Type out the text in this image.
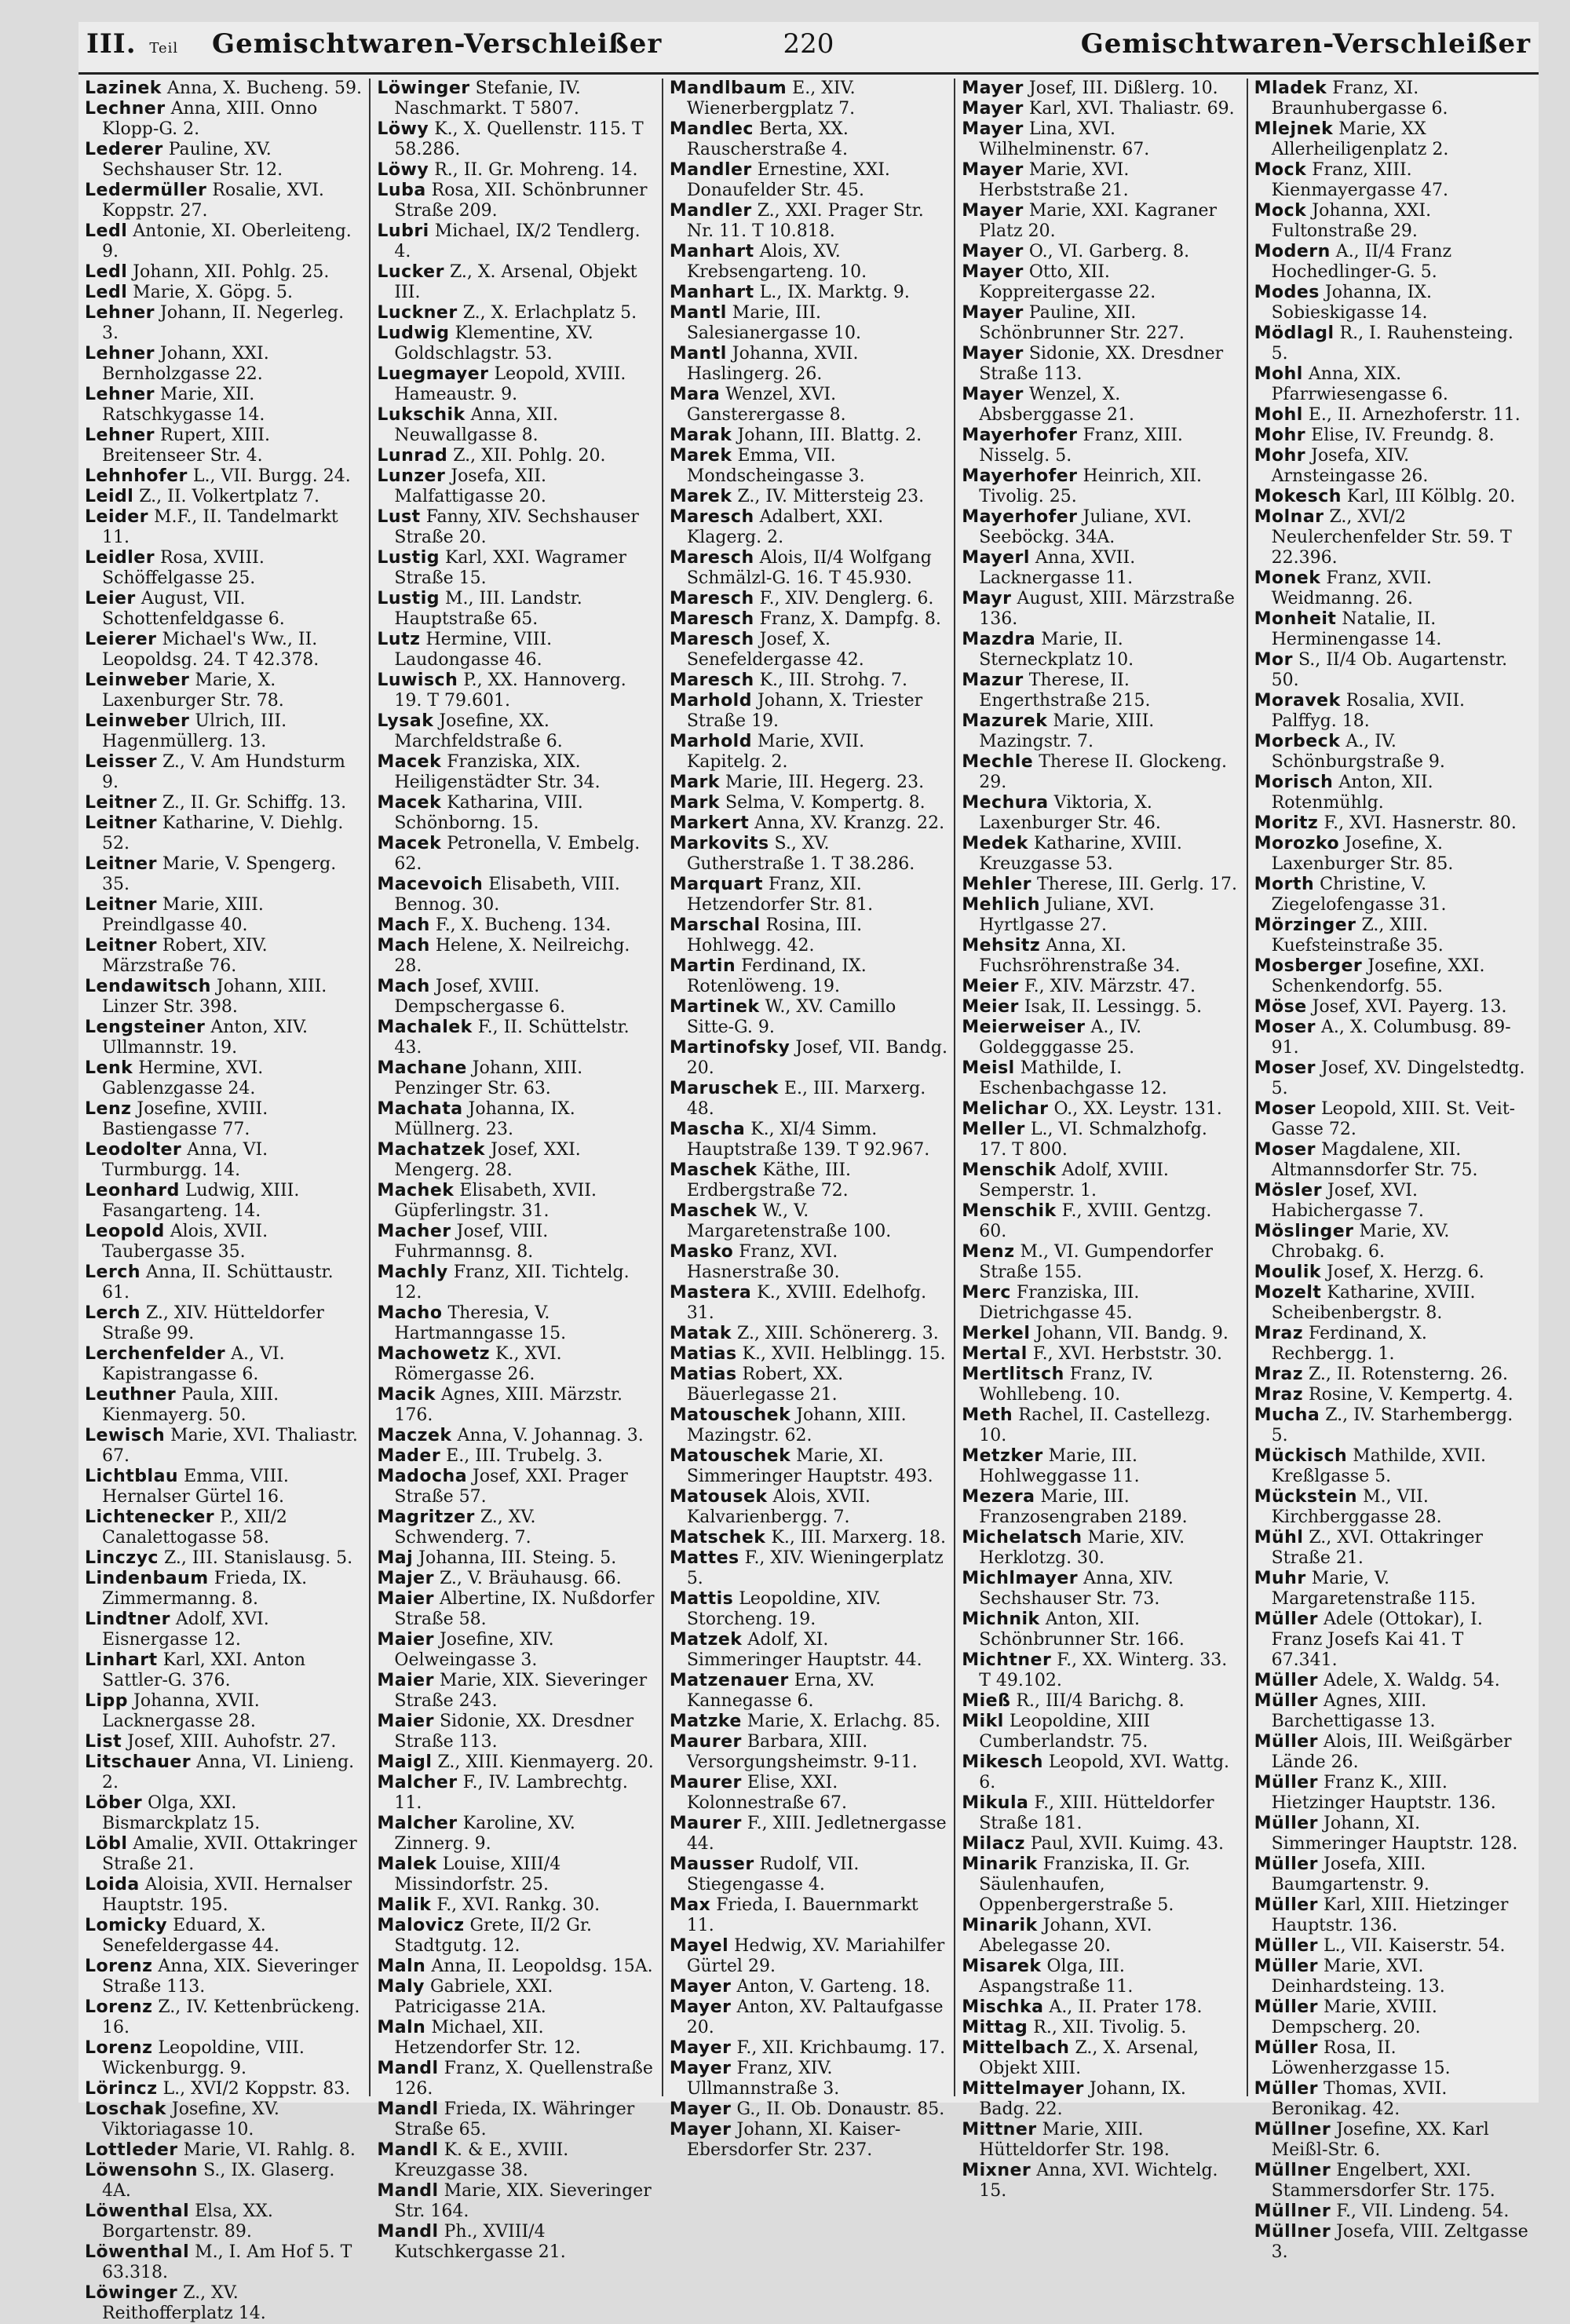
III. Teil Gemischtwaren-Verschleißer	220	Gemischtwaren-Verschleißer
Lazinek Anna, X. Bucheng. 59.
Lechner Anna, XIII. Onno Klopp-G. 2.
Lederer Pauline, XV. Sechshauser Str. 12.
Ledermüller Rosalie, XVI. Koppstr. 27.
Ledl Antonie, XI. Oberleiteng. 9.
Ledl Johann, XII. Pohlg. 25.
Ledl Marie, X. Göpg. 5.
Lehner Johann, II. Negerleg. 3.
Lehner Johann, XXI. Bernholzgasse 22.
Lehner Marie, XII. Ratschkygasse 14.
Lehner Rupert, XIII. Breitenseer Str. 4.
Lehnhofer L., VII. Burgg. 24.
Leidl Z., II. Volkertplatz 7.
Leider M.F., II. Tandelmarkt 11.
Leidler Rosa, XVIII. Schöffelgasse 25.
Leier August, VII. Schottenfeldgasse 6.
Leierer Michael's Ww., II. Leopoldsg. 24. T 42.378.
Leinweber Marie, X. Laxenburger Str. 78.
Leinweber Ulrich, III. Hagenmüllerg. 13.
Leisser Z., V. Am Hundsturm 9.
Leitner Z., II. Gr. Schiffg. 13.
Leitner Katharine, V. Diehlg. 52.
Leitner Marie, V. Spengerg. 35.
Leitner Marie, XIII. Preindlgasse 40.
Leitner Robert, XIV. Märzstraße 76.
Lendawitsch Johann, XIII. Linzer Str. 398.
Lengsteiner Anton, XIV. Ullmannstr. 19.
Lenk Hermine, XVI. Gablenzgasse 24.
Lenz Josefine, XVIII. Bastiengasse 77.
Leodolter Anna, VI. Turmburgg. 14.
Leonhard Ludwig, XIII. Fasangarteng. 14.
Leopold Alois, XVII. Taubergasse 35.
Lerch Anna, II. Schüttaustr. 61.
Lerch Z., XIV. Hütteldorfer Straße 99.
Lerchenfelder A., VI. Kapistrangasse 6.
Leuthner Paula, XIII. Kienmayerg. 50.
Lewisch Marie, XVI. Thaliastr. 67.
Lichtblau Emma, VIII. Hernalser Gürtel 16.
Lichtenecker P., XII/2 Canalettogasse 58.
Linczyc Z., III. Stanislausg. 5.
Lindenbaum Frieda, IX. Zimmermanng. 8.
Lindtner Adolf, XVI. Eisnergasse 12.
Linhart Karl, XXI. Anton Sattler-G. 376.
Lipp Johanna, XVII. Lacknergasse 28.
List Josef, XIII. Auhofstr. 27.
Litschauer Anna, VI. Linieng. 2.
Löber Olga, XXI. Bismarckplatz 15.
Löbl Amalie, XVII. Ottakringer Straße 21.
Loida Aloisia, XVII. Hernalser Hauptstr. 195.
Lomicky Eduard, X. Senefeldergasse 44.
Lorenz Anna, XIX. Sieveringer Straße 113.
Lorenz Z., IV. Kettenbrückeng. 16.
Lorenz Leopoldine, VIII. Wickenburgg. 9.
Lörincz L., XVI/2 Koppstr. 83.
Loschak Josefine, XV. Viktoriagasse 10.
Lottleder Marie, VI. Rahlg. 8.
Löwensohn S., IX. Glaserg. 4A.
Löwenthal Elsa, XX. Borgartenstr. 89.
Löwenthal M., I. Am Hof 5. T 63.318.
Löwinger Z., XV. Reithofferplatz 14.
Löwinger Stefanie, IV. Naschmarkt. T 5807.
Löwy K., X. Quellenstr. 115. T 58.286.
Löwy R., II. Gr. Mohreng. 14.
Luba Rosa, XII. Schönbrunner Straße 209.
Lubri Michael, IX/2 Tendlerg. 4.
Lucker Z., X. Arsenal, Objekt III.
Luckner Z., X. Erlachplatz 5.
Ludwig Klementine, XV. Goldschlagstr. 53.
Luegmayer Leopold, XVIII. Hameaustr. 9.
Lukschik Anna, XII. Neuwallgasse 8.
Lunrad Z., XII. Pohlg. 20.
Lunzer Josefa, XII. Malfattigasse 20.
Lust Fanny, XIV. Sechshauser Straße 20.
Lustig Karl, XXI. Wagramer Straße 15.
Lustig M., III. Landstr. Hauptstraße 65.
Lutz Hermine, VIII. Laudongasse 46.
Luwisch P., XX. Hannoverg. 19. T 79.601.
Lysak Josefine, XX. Marchfeldstraße 6.
Macek Franziska, XIX. Heiligenstädter Str. 34.
Macek Katharina, VIII. Schönborng. 15.
Macek Petronella, V. Embelg. 62.
Macevoich Elisabeth, VIII. Bennog. 30.
Mach F., X. Bucheng. 134.
Mach Helene, X. Neilreichg. 28.
Mach Josef, XVIII. Dempschergasse 6.
Machalek F., II. Schüttelstr. 43.
Machane Johann, XIII. Penzinger Str. 63.
Machata Johanna, IX. Müllnerg. 23.
Machatzek Josef, XXI. Mengerg. 28.
Machek Elisabeth, XVII. Güpferlingstr. 31.
Macher Josef, VIII. Fuhrmannsg. 8.
Machly Franz, XII. Tichtelg. 12.
Macho Theresia, V. Hartmanngasse 15.
Machowetz K., XVI. Römergasse 26.
Macik Agnes, XIII. Märzstr. 176.
Maczek Anna, V. Johannag. 3.
Mader E., III. Trubelg. 3.
Madocha Josef, XXI. Prager Straße 57.
Magritzer Z., XV. Schwenderg. 7.
Maj Johanna, III. Steing. 5.
Majer Z., V. Bräuhausg. 66.
Maier Albertine, IX. Nußdorfer Straße 58.
Maier Josefine, XIV. Oelweingasse 3.
Maier Marie, XIX. Sieveringer Straße 243.
Maier Sidonie, XX. Dresdner Straße 113.
Maigl Z., XIII. Kienmayerg. 20.
Malcher F., IV. Lambrechtg. 11.
Malcher Karoline, XV. Zinnerg. 9.
Malek Louise, XIII/4 Missindorfstr. 25.
Malik F., XVI. Rankg. 30.
Malovicz Grete, II/2 Gr. Stadtgutg. 12.
Maln Anna, II. Leopoldsg. 15A.
Maly Gabriele, XXI. Patricigasse 21A.
Maln Michael, XII. Hetzendorfer Str. 12.
Mandl Franz, X. Quellenstraße 126.
Mandl Frieda, IX. Währinger Straße 65.
Mandl K. & E., XVIII. Kreuzgasse 38.
Mandl Marie, XIX. Sieveringer Str. 164.
Mandl Ph., XVIII/4 Kutschkergasse 21.
Mandlbaum E., XIV. Wienerbergplatz 7.
Mandlec Berta, XX. Rauscherstraße 4.
Mandler Ernestine, XXI. Donaufelder Str. 45.
Mandler Z., XXI. Prager Str. Nr. 11. T 10.818.
Manhart Alois, XV. Krebsengarteng. 10.
Manhart L., IX. Marktg. 9.
Mantl Marie, III. Salesianergasse 10.
Mantl Johanna, XVII. Haslingerg. 26.
Mara Wenzel, XVI. Gansterergasse 8.
Marak Johann, III. Blattg. 2.
Marek Emma, VII. Mondscheingasse 3.
Marek Z., IV. Mittersteig 23.
Maresch Adalbert, XXI. Klagerg. 2.
Maresch Alois, II/4 Wolfgang Schmälzl-G. 16. T 45.930.
Maresch F., XIV. Denglerg. 6.
Maresch Franz, X. Dampfg. 8.
Maresch Josef, X. Senefeldergasse 42.
Maresch K., III. Strohg. 7.
Marhold Johann, X. Triester Straße 19.
Marhold Marie, XVII. Kapitelg. 2.
Mark Marie, III. Hegerg. 23.
Mark Selma, V. Kompertg. 8.
Markert Anna, XV. Kranzg. 22.
Markovits S., XV. Gutherstraße 1. T 38.286.
Marquart Franz, XII. Hetzendorfer Str. 81.
Marschal Rosina, III. Hohlwegg. 42.
Martin Ferdinand, IX. Rotenlöweng. 19.
Martinek W., XV. Camillo Sitte-G. 9.
Martinofsky Josef, VII. Bandg. 20.
Maruschek E., III. Marxerg. 48.
Mascha K., XI/4 Simm. Hauptstraße 139. T 92.967.
Maschek Käthe, III. Erdbergstraße 72.
Maschek W., V. Margaretenstraße 100.
Masko Franz, XVI. Hasnerstraße 30.
Mastera K., XVIII. Edelhofg. 31.
Matak Z., XIII. Schönererg. 3.
Matias K., XVII. Helblingg. 15.
Matias Robert, XX. Bäuerlegasse 21.
Matouschek Johann, XIII. Mazingstr. 62.
Matouschek Marie, XI. Simmeringer Hauptstr. 493.
Matousek Alois, XVII. Kalvarienbergg. 7.
Matschek K., III. Marxerg. 18.
Mattes F., XIV. Wieningerplatz 5.
Mattis Leopoldine, XIV. Storcheng. 19.
Matzek Adolf, XI. Simmeringer Hauptstr. 44.
Matzenauer Erna, XV. Kannegasse 6.
Matzke Marie, X. Erlachg. 85.
Maurer Barbara, XIII. Versorgungsheimstr. 9-11.
Maurer Elise, XXI. Kolonnestraße 67.
Maurer F., XIII. Jedletnergasse 44.
Mausser Rudolf, VII. Stiegengasse 4.
Max Frieda, I. Bauernmarkt 11.
Mayel Hedwig, XV. Mariahilfer Gürtel 29.
Mayer Anton, V. Garteng. 18.
Mayer Anton, XV. Paltaufgasse 20.
Mayer F., XII. Krichbaumg. 17.
Mayer Franz, XIV. Ullmannstraße 3.
Mayer G., II. Ob. Donaustr. 85.
Mayer Johann, XI. Kaiser-Ebersdorfer Str. 237.
Mayer Josef, III. Dißlerg. 10.
Mayer Karl, XVI. Thaliastr. 69.
Mayer Lina, XVI. Wilhelminenstr. 67.
Mayer Marie, XVI. Herbststraße 21.
Mayer Marie, XXI. Kagraner Platz 20.
Mayer O., VI. Garberg. 8.
Mayer Otto, XII. Koppreitergasse 22.
Mayer Pauline, XII. Schönbrunner Str. 227.
Mayer Sidonie, XX. Dresdner Straße 113.
Mayer Wenzel, X. Absberggasse 21.
Mayerhofer Franz, XIII. Nisselg. 5.
Mayerhofer Heinrich, XII. Tivolig. 25.
Mayerhofer Juliane, XVI. Seeböckg. 34A.
Mayerl Anna, XVII. Lacknergasse 11.
Mayr August, XIII. Märzstraße 136.
Mazdra Marie, II. Sterneckplatz 10.
Mazur Therese, II. Engerthstraße 215.
Mazurek Marie, XIII. Mazingstr. 7.
Mechle Therese II. Glockeng. 29.
Mechura Viktoria, X. Laxenburger Str. 46.
Medek Katharine, XVIII. Kreuzgasse 53.
Mehler Therese, III. Gerlg. 17.
Mehlich Juliane, XVI. Hyrtlgasse 27.
Mehsitz Anna, XI. Fuchsröhrenstraße 34.
Meier F., XIV. Märzstr. 47.
Meier Isak, II. Lessingg. 5.
Meierweiser A., IV. Goldegggasse 25.
Meisl Mathilde, I. Eschenbachgasse 12.
Melichar O., XX. Leystr. 131.
Meller L., VI. Schmalzhofg. 17. T 800.
Menschik Adolf, XVIII. Semperstr. 1.
Menschik F., XVIII. Gentzg. 60.
Menz M., VI. Gumpendorfer Straße 155.
Merc Franziska, III. Dietrichgasse 45.
Merkel Johann, VII. Bandg. 9.
Mertal F., XVI. Herbststr. 30.
Mertlitsch Franz, IV. Wohllebeng. 10.
Meth Rachel, II. Castellezg. 10.
Metzker Marie, III. Hohlweggasse 11.
Mezera Marie, III. Franzosengraben 2189.
Michelatsch Marie, XIV. Herklotzg. 30.
Michlmayer Anna, XIV. Sechshauser Str. 73.
Michnik Anton, XII. Schönbrunner Str. 166.
Michtner F., XX. Winterg. 33. T 49.102.
Mieß R., III/4 Barichg. 8.
Mikl Leopoldine, XIII Cumberlandstr. 75.
Mikesch Leopold, XVI. Wattg. 6.
Mikula F., XIII. Hütteldorfer Straße 181.
Milacz Paul, XVII. Kuimg. 43.
Minarik Franziska, II. Gr. Säulenhaufen, Oppenbergerstraße 5.
Minarik Johann, XVI. Abelegasse 20.
Misarek Olga, III. Aspangstraße 11.
Mischka A., II. Prater 178.
Mittag R., XII. Tivolig. 5.
Mittelbach Z., X. Arsenal, Objekt XIII.
Mittelmayer Johann, IX. Badg. 22.
Mittner Marie, XIII. Hütteldorfer Str. 198.
Mixner Anna, XVI. Wichtelg. 15.
Mladek Franz, XI. Braunhubergasse 6.
Mlejnek Marie, XX Allerheiligenplatz 2.
Mock Franz, XIII. Kienmayergasse 47.
Mock Johanna, XXI. Fultonstraße 29.
Modern A., II/4 Franz Hochedlinger-G. 5.
Modes Johanna, IX. Sobieskigasse 14.
Mödlagl R., I. Rauhensteing. 5.
Mohl Anna, XIX. Pfarrwiesengasse 6.
Mohl E., II. Arnezhoferstr. 11.
Mohr Elise, IV. Freundg. 8.
Mohr Josefa, XIV. Arnsteingasse 26.
Mokesch Karl, III Kölblg. 20.
Molnar Z., XVI/2 Neulerchenfelder Str. 59. T 22.396.
Monek Franz, XVII. Weidmanng. 26.
Monheit Natalie, II. Herminengasse 14.
Mor S., II/4 Ob. Augartenstr. 50.
Moravek Rosalia, XVII. Palffyg. 18.
Morbeck A., IV. Schönburgstraße 9.
Morisch Anton, XII. Rotenmühlg.
Moritz F., XVI. Hasnerstr. 80.
Morozko Josefine, X. Laxenburger Str. 85.
Morth Christine, V. Ziegelofengasse 31.
Mörzinger Z., XIII. Kuefsteinstraße 35.
Mosberger Josefine, XXI. Schenkendorfg. 55.
Möse Josef, XVI. Payerg. 13.
Moser A., X. Columbusg. 89-91.
Moser Josef, XV. Dingelstedtg. 5.
Moser Leopold, XIII. St. Veit-Gasse 72.
Moser Magdalene, XII. Altmannsdorfer Str. 75.
Mösler Josef, XVI. Habichergasse 7.
Möslinger Marie, XV. Chrobakg. 6.
Moulik Josef, X. Herzg. 6.
Mozelt Katharine, XVIII. Scheibenbergstr. 8.
Mraz Ferdinand, X. Rechbergg. 1.
Mraz Z., II. Rotensterng. 26.
Mraz Rosine, V. Kempertg. 4.
Mucha Z., IV. Starhembergg. 5.
Mückisch Mathilde, XVII. Kreßlgasse 5.
Mückstein M., VII. Kirchberggasse 28.
Mühl Z., XVI. Ottakringer Straße 21.
Muhr Marie, V. Margaretenstraße 115.
Müller Adele (Ottokar), I. Franz Josefs Kai 41. T 67.341.
Müller Adele, X. Waldg. 54.
Müller Agnes, XIII. Barchettigasse 13.
Müller Alois, III. Weißgärber Lände 26.
Müller Franz K., XIII. Hietzinger Hauptstr. 136.
Müller Johann, XI. Simmeringer Hauptstr. 128.
Müller Josefa, XIII. Baumgartenstr. 9.
Müller Karl, XIII. Hietzinger Hauptstr. 136.
Müller L., VII. Kaiserstr. 54.
Müller Marie, XVI. Deinhardsteing. 13.
Müller Marie, XVIII. Dempscherg. 20.
Müller Rosa, II. Löwenherzgasse 15.
Müller Thomas, XVII. Beronikag. 42.
Müllner Josefine, XX. Karl Meißl-Str. 6.
Müllner Engelbert, XXI. Stammersdorfer Str. 175.
Müllner F., VII. Lindeng. 54.
Müllner Josefa, VIII. Zeltgasse 3.
